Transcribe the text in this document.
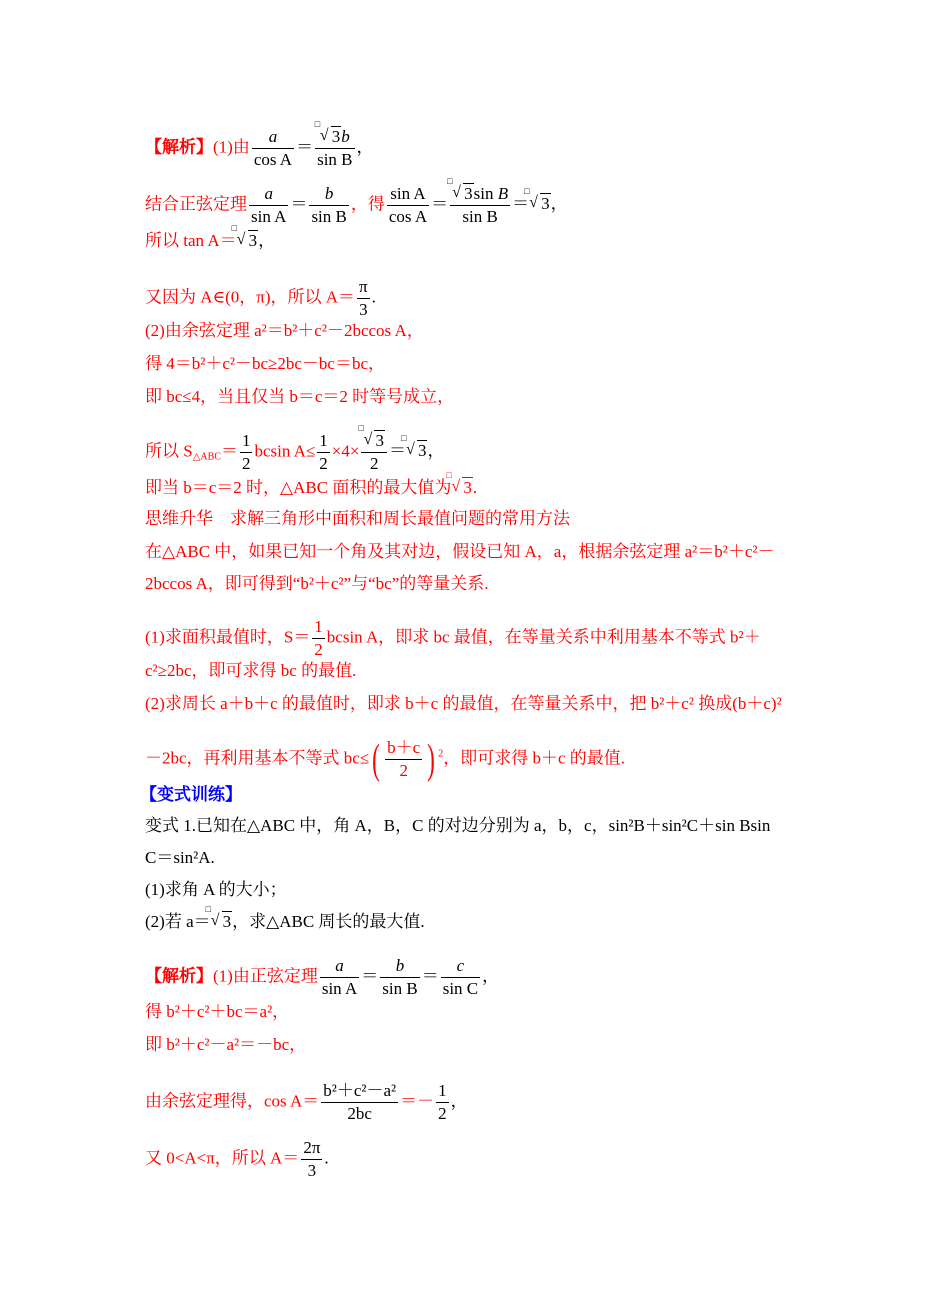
【解析】(1)由 $\frac{a}{\text{cos A}}$ ＝ □
√ 3b
sin B ，
结合正弦定理 $\frac{a}{\text{sin A}} = \frac{b}{\text{sin B}}$ ，得 $\frac{\text{sin A}}{\text{cos A}}$ ＝ □
√ 3sin B
sin B ＝
□
√ 3，
所以 tan A＝
□
√ 3，
又因为 A∈(0，π)，所以 $A= \frac{\pi}{3}$ .
(2)由余弦定理 a²＝b²＋c²－2bccos A，
得 4＝b²＋c²－bc≥2bc－bc＝bc，
即 bc≤4，当且仅当 b＝c＝2 时等号成立，
所以 $S_{\triangle ABC}= \frac{1}{2}$ bcsin $A\le \frac{1}{2} \times 4\times$ □
√ 3
2 ＝
□
√ 3，
即当 b＝c＝2 时，△ABC 面积的最大值为
□
√ 3.
思维升华　求解三角形中面积和周长最值问题的常用方法
在△ABC 中，如果已知一个角及其对边，假设已知 A，a，根据余弦定理 a²＝b²＋c²－
2bccos A，即可得到“b²＋c²”与“bc”的等量关系.
(1)求面积最值时，$S= \frac{1}{2}$ bcsin A，即求 bc 最值，在等量关系中利用基本不等式 b²＋
c²≥2bc，即可求得 bc 的最值.
(2)求周长 a＋b＋c 的最值时，即求 b＋c 的最值，在等量关系中，把 b²＋c² 换成(b＋c)²
－2bc，再利用基本不等式 $bc\le( \frac{b+c}{2}$ ) $^2$，即可求得 b＋c 的最值.
【变式训练】
变式 1.已知在△ABC 中，角 A，B，C 的对边分别为 a，b，c，sin²B＋sin²C＋sin Bsin
C＝sin²A.
(1)求角 A 的大小；
(2)若 a＝
□
√ 3，求△ABC 周长的最大值.
【解析】(1)由正弦定理 $\frac{a}{\text{sin A}} = \frac{b}{\text{sin B}} = \frac{c}{\text{sin C}}$ ，
得 b²＋c²＋bc＝a²，
即 b²＋c²－a²＝－bc，
由余弦定理得，$\cos A= \frac{\text{b²＋c²－a²}}{2bc} =- \frac{1}{2}$ ，
又 0<A<π，所以 $A= \frac{2\pi}{3}$ .
